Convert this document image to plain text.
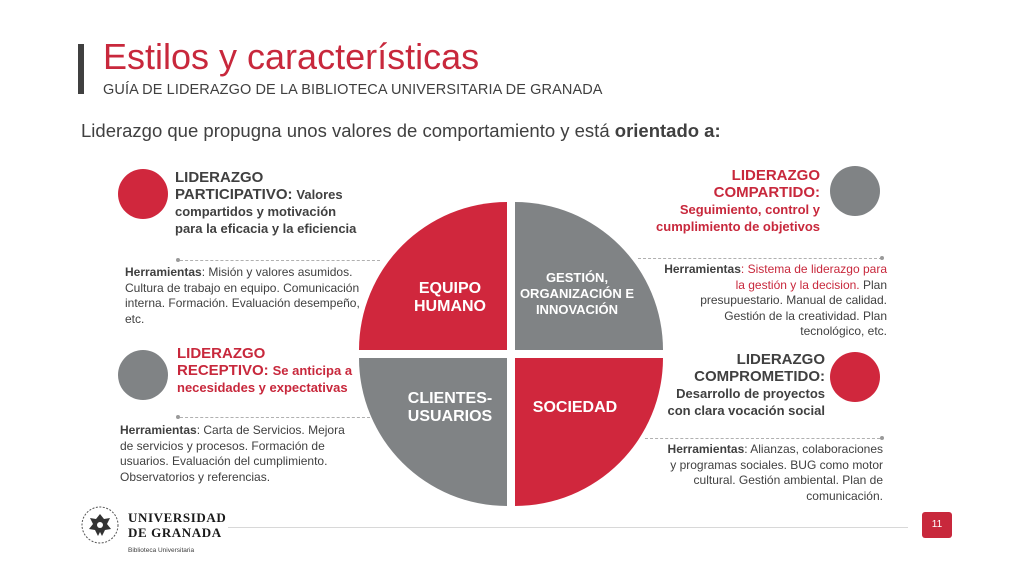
Estilos y características
GUÍA DE LIDERAZGO DE LA BIBLIOTECA UNIVERSITARIA DE GRANADA
Liderazgo que propugna unos valores de comportamiento y está orientado a:
EQUIPO HUMANO
GESTIÓN, ORGANIZACIÓN E INNOVACIÓN
CLIENTES-USUARIOS
SOCIEDAD
LIDERAZGO PARTICIPATIVO: Valores compartidos y motivación para la eficacia y la eficiencia
Herramientas: Misión y valores asumidos. Cultura de trabajo en equipo. Comunicación interna. Formación. Evaluación desempeño, etc.
LIDERAZGO COMPARTIDO: Seguimiento, control y cumplimiento de objetivos
Herramientas: Sistema de liderazgo para la gestión y la decision. Plan presupuestario. Manual de calidad. Gestión de la creatividad. Plan tecnológico, etc.
LIDERAZGO RECEPTIVO: Se anticipa a necesidades y expectativas
Herramientas: Carta de Servicios. Mejora de servicios y procesos. Formación de usuarios. Evaluación del cumplimiento. Observatorios y referencias.
LIDERAZGO COMPROMETIDO: Desarrollo de proyectos con clara vocación social
Herramientas: Alianzas, colaboraciones y programas sociales. BUG como motor cultural. Gestión ambiental. Plan de comunicación.
UNIVERSIDAD
DE GRANADA
Biblioteca Universitaria
11
